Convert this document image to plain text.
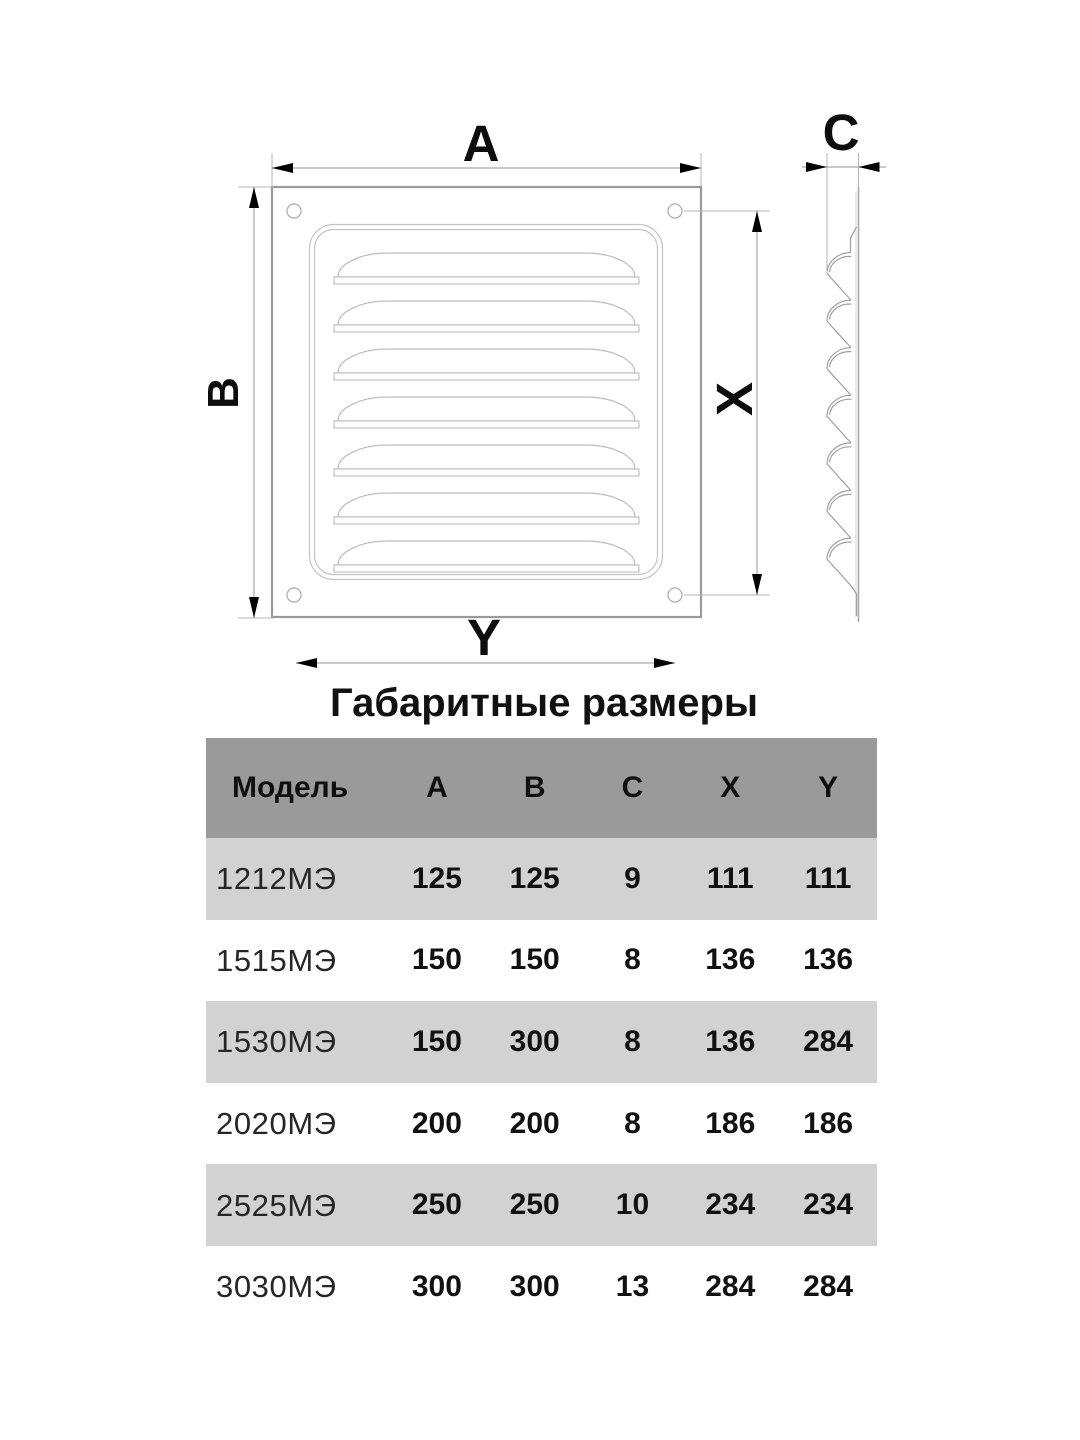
A
B	X
Y
C
Габаритные размеры
Модель	A	B	C	X	Y
1212МЭ	125	125	9	111	111
1515МЭ	150	150	8	136	136
1530МЭ	150	300	8	136	284
2020МЭ	200	200	8	186	186
2525МЭ	250	250	10	234	234
3030МЭ	300	300	13	284	284
